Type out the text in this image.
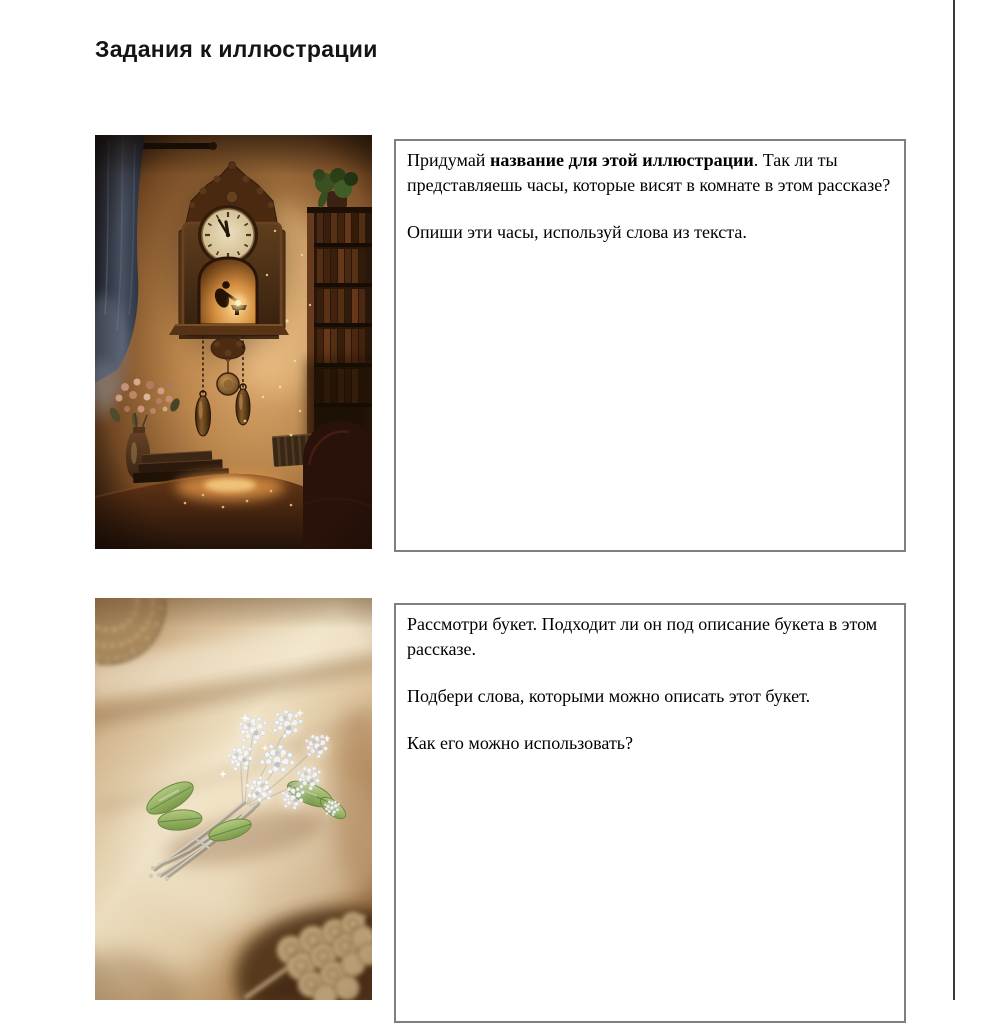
Задания к иллюстрации

Придумай название для этой иллюстрации. Так ли ты представляешь часы, которые висят в комнате в этом рассказе?

Опиши эти часы, используй слова из текста.

Рассмотри букет. Подходит ли он под описание букета в этом рассказе.

Подбери слова, которыми можно описать этот букет.

Как его можно использовать?
